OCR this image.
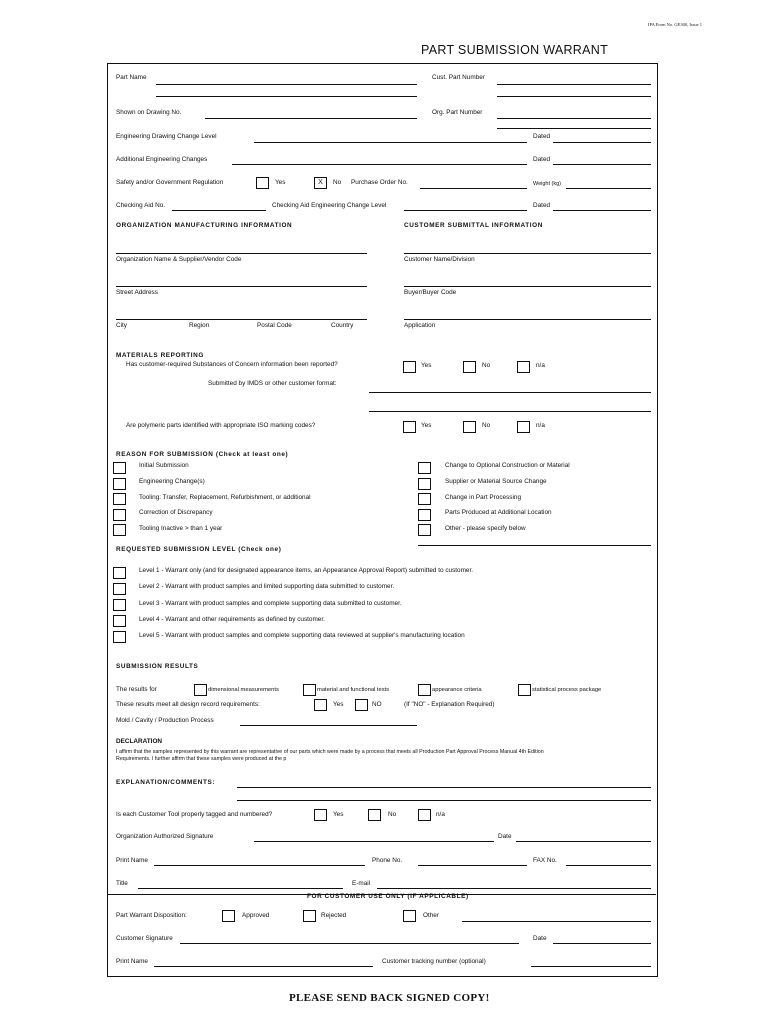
IPA Form No. GE300, Issue 1
PART SUBMISSION WARRANT
Part Name	Cust. Part Number
Shown on Drawing No.	Org. Part Number
Engineering Drawing Change Level	Dated
Additional Engineering Changes	Dated
Safety and/or Government Regulation	Yes	X	No Purchase Order No.	Weight (kg)
Checking Aid No.	Checking Aid Engineering Change Level	Dated
ORGANIZATION MANUFACTURING INFORMATION	CUSTOMER SUBMITTAL INFORMATION
Organization Name & Supplier/Vendor Code	Customer Name/Division
Street Address	Buyer/Buyer Code
City	Region	Postal Code	Country	Application
MATERIALS REPORTING
Has customer-required Substances of Concern information been reported?	Yes	No	n/a
Submitted by IMDS or other customer format:
Are polymeric parts identified with appropriate ISO marking codes?	Yes	No	n/a
REASON FOR SUBMISSION (Check at least one)
Initial Submission
Engineering Change(s)
Tooling: Transfer, Replacement, Refurbishment, or additional
Correction of Discrepancy
Tooling Inactive > than 1 year
Change to Optional Construction or Material
Supplier or Material Source Change
Change in Part Processing
Parts Produced at Additional Location
Other - please specify below
REQUESTED SUBMISSION LEVEL (Check one)
Level 1 - Warrant only (and for designated appearance items, an Appearance Approval Report) submitted to customer.
Level 2 - Warrant with product samples and limited supporting data submitted to customer.
Level 3 - Warrant with product samples and complete supporting data submitted to customer.
Level 4 - Warrant and other requirements as defined by customer.
Level 5 - Warrant with product samples and complete supporting data reviewed at supplier's manufacturing location
SUBMISSION RESULTS
The results for	dimensional measurements	material and functional tests	appearance criteria	statistical process package
These results meet all design record requirements:	Yes	NO	(If "NO" - Explanation Required)
Mold / Cavity / Production Process
DECLARATION
I affirm that the samples represented by this warrant are representative of our parts which were made by a process that meets all Production Part Approval Process Manual 4th Edition
Requirements. I further affirm that these samples were produced at the p
EXPLANATION/COMMENTS:
Is each Customer Tool properly tagged and numbered?	Yes	No	n/a
Organization Authorized Signature	Date
Print Name	Phone No.	FAX No.
Title	E-mail
FOR CUSTOMER USE ONLY (IF APPLICABLE)
Part Warrant Disposition:	Approved	Rejected	Other
Customer Signature	Date
Print Name	Customer tracking number (optional)
PLEASE SEND BACK SIGNED COPY!
